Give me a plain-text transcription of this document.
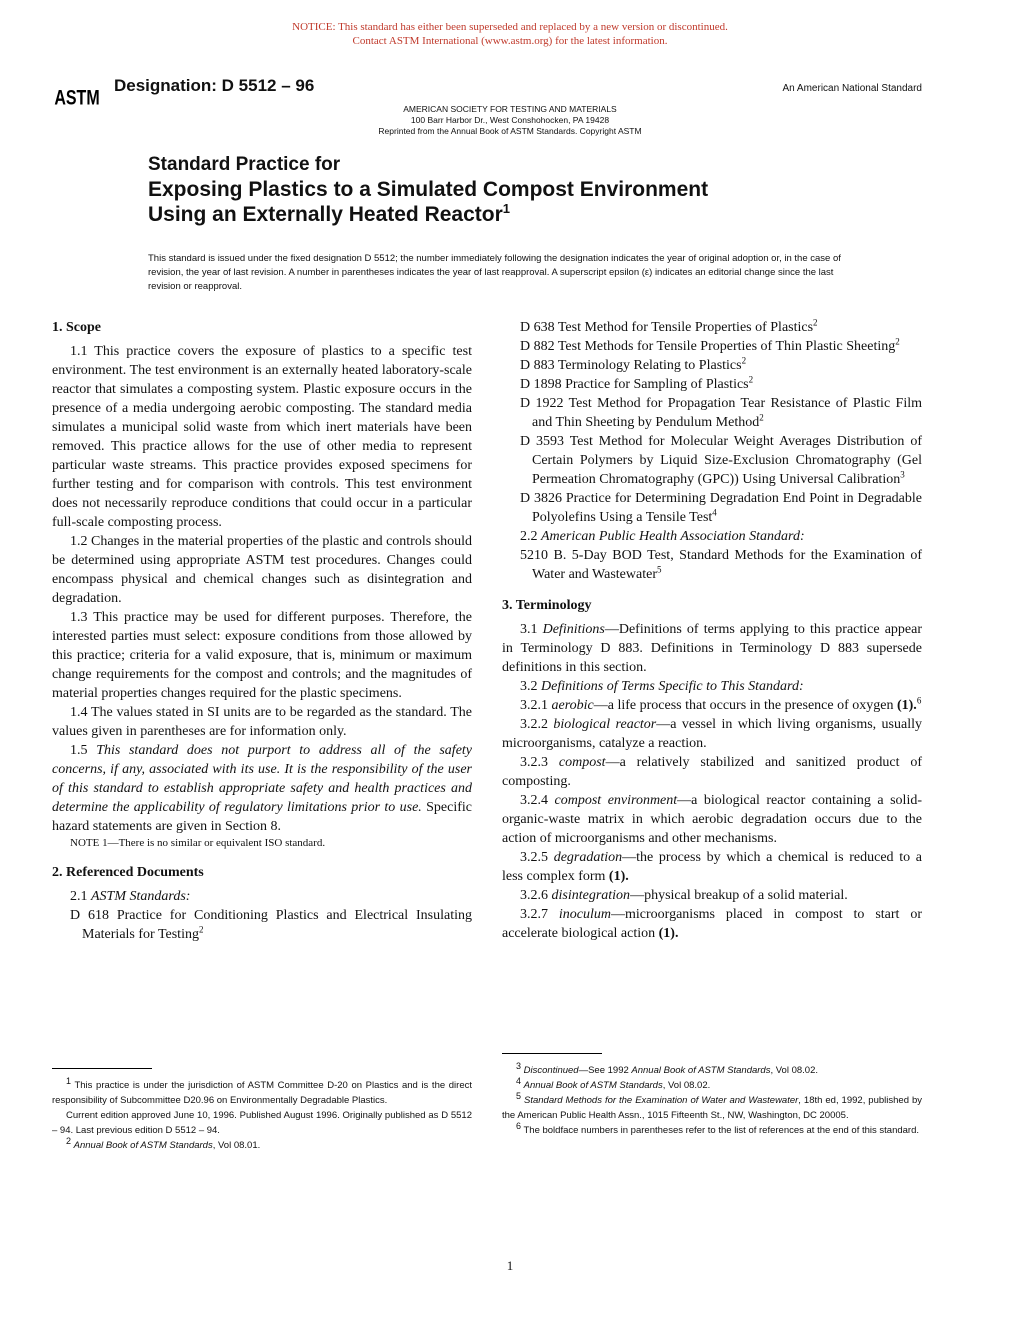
NOTICE: This standard has either been superseded and replaced by a new version or discontinued.
Contact ASTM International (www.astm.org) for the latest information.
ASTM
Designation: D 5512 – 96	An American National Standard
AMERICAN SOCIETY FOR TESTING AND MATERIALS
100 Barr Harbor Dr., West Conshohocken, PA 19428
Reprinted from the Annual Book of ASTM Standards. Copyright ASTM
Standard Practice for
Exposing Plastics to a Simulated Compost Environment
Using an Externally Heated Reactor$^1$
This standard is issued under the fixed designation D 5512; the number immediately following the designation indicates the year of original adoption or, in the case of revision, the year of last revision. A number in parentheses indicates the year of last reapproval. A superscript epsilon (ε) indicates an editorial change since the last revision or reapproval.
1. Scope

1.1 This practice covers the exposure of plastics to a specific test environment. The test environment is an externally heated laboratory-scale reactor that simulates a composting system. Plastic exposure occurs in the presence of a media undergoing aerobic composting. The standard media simulates a municipal solid waste from which inert materials have been removed. This practice allows for the use of other media to represent particular waste streams. This practice provides exposed specimens for further testing and for comparison with controls. This test environment does not necessarily reproduce conditions that could occur in a particular full-scale composting process.

1.2 Changes in the material properties of the plastic and controls should be determined using appropriate ASTM test procedures. Changes could encompass physical and chemical changes such as disintegration and degradation.

1.3 This practice may be used for different purposes. Therefore, the interested parties must select: exposure conditions from those allowed by this practice; criteria for a valid exposure, that is, minimum or maximum change requirements for the compost and controls; and the magnitudes of material properties changes required for the plastic specimens.

1.4 The values stated in SI units are to be regarded as the standard. The values given in parentheses are for information only.

1.5 This standard does not purport to address all of the safety concerns, if any, associated with its use. It is the responsibility of the user of this standard to establish appropriate safety and health practices and determine the applicability of regulatory limitations prior to use. Specific hazard statements are given in Section 8.

NOTE 1—There is no similar or equivalent ISO standard.

2. Referenced Documents

2.1 ASTM Standards:

D 618 Practice for Conditioning Plastics and Electrical Insulating Materials for Testing$^2$

$^1$ This practice is under the jurisdiction of ASTM Committee D-20 on Plastics and is the direct responsibility of Subcommittee D20.96 on Environmentally Degradable Plastics.

Current edition approved June 10, 1996. Published August 1996. Originally published as D 5512 – 94. Last previous edition D 5512 – 94.

$^2$ Annual Book of ASTM Standards, Vol 08.01.

D 638 Test Method for Tensile Properties of Plastics$^2$

D 882 Test Methods for Tensile Properties of Thin Plastic Sheeting$^2$

D 883 Terminology Relating to Plastics$^2$

D 1898 Practice for Sampling of Plastics$^2$

D 1922 Test Method for Propagation Tear Resistance of Plastic Film and Thin Sheeting by Pendulum Method$^2$

D 3593 Test Method for Molecular Weight Averages Distribution of Certain Polymers by Liquid Size-Exclusion Chromatography (Gel Permeation Chromatography (GPC)) Using Universal Calibration$^3$

D 3826 Practice for Determining Degradation End Point in Degradable Polyolefins Using a Tensile Test$^4$

2.2 American Public Health Association Standard:

5210 B. 5-Day BOD Test, Standard Methods for the Examination of Water and Wastewater$^5$

3. Terminology

3.1 Definitions—Definitions of terms applying to this practice appear in Terminology D 883. Definitions in Terminology D 883 supersede definitions in this section.

3.2 Definitions of Terms Specific to This Standard:

3.2.1 aerobic—a life process that occurs in the presence of oxygen (1).$^6$

3.2.2 biological reactor—a vessel in which living organisms, usually microorganisms, catalyze a reaction.

3.2.3 compost—a relatively stabilized and sanitized product of composting.

3.2.4 compost environment—a biological reactor containing a solid-organic-waste matrix in which aerobic degradation occurs due to the action of microorganisms and other mechanisms.

3.2.5 degradation—the process by which a chemical is reduced to a less complex form (1).

3.2.6 disintegration—physical breakup of a solid material.

3.2.7 inoculum—microorganisms placed in compost to start or accelerate biological action (1).

$^3$ Discontinued—See 1992 Annual Book of ASTM Standards, Vol 08.02.

$^4$ Annual Book of ASTM Standards, Vol 08.02.

$^5$ Standard Methods for the Examination of Water and Wastewater, 18th ed, 1992, published by the American Public Health Assn., 1015 Fifteenth St., NW, Washington, DC 20005.

$^6$ The boldface numbers in parentheses refer to the list of references at the end of this standard.

1
